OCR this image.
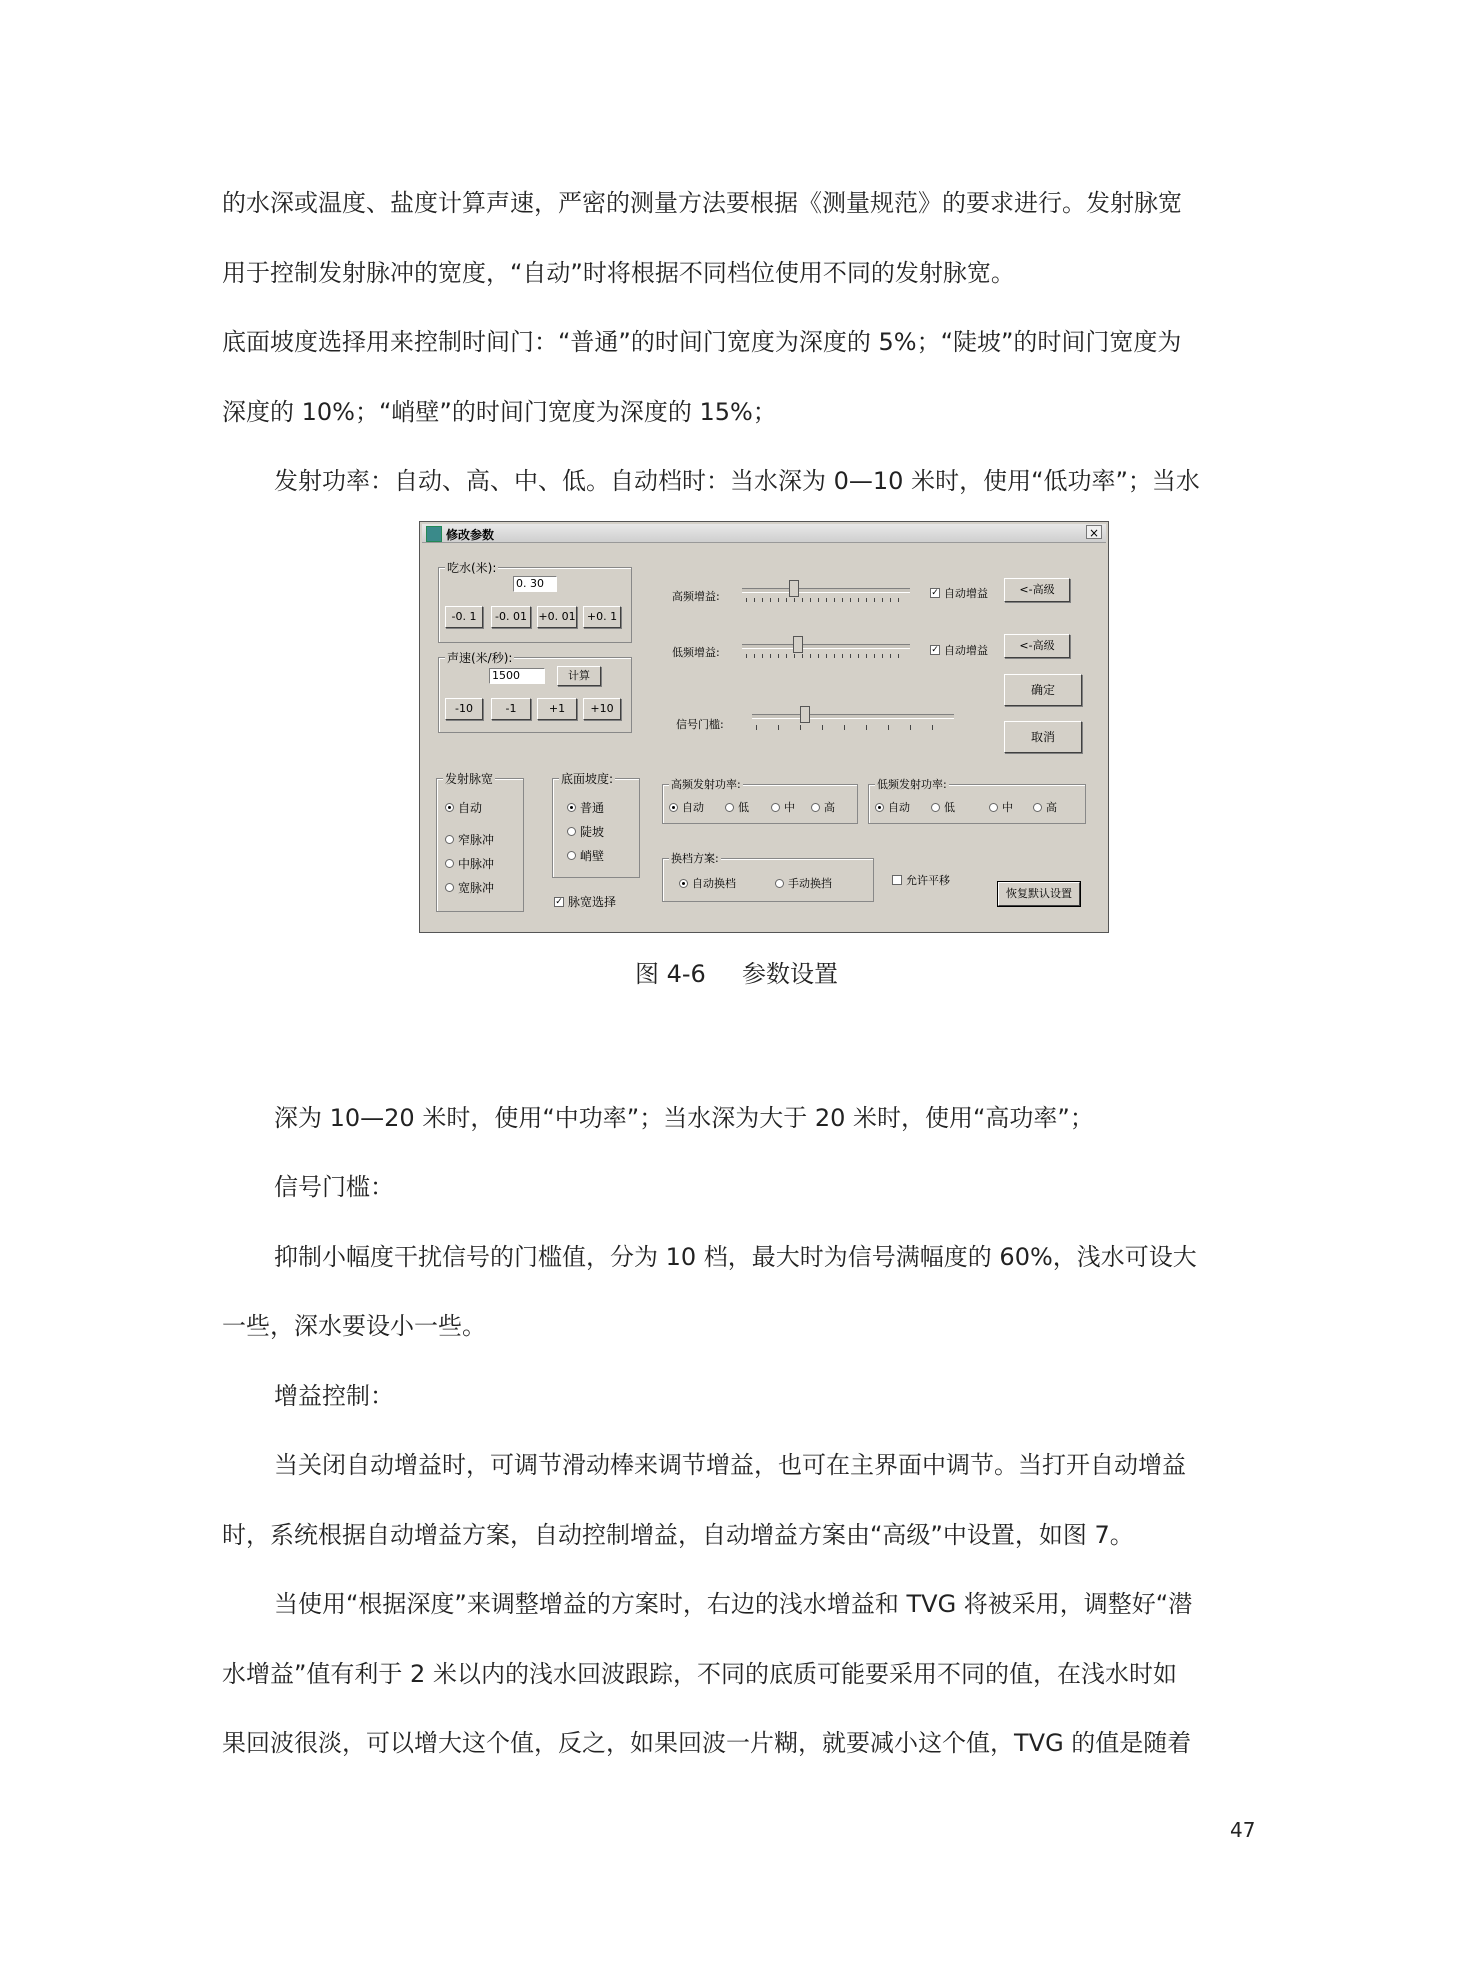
的水深或温度、盐度计算声速，严密的测量方法要根据《测量规范》的要求进行。发射脉宽
用于控制发射脉冲的宽度，“自动”时将根据不同档位使用不同的发射脉宽。
底面坡度选择用来控制时间门：“普通”的时间门宽度为深度的 5%；“陡坡”的时间门宽度为
深度的 10%；“峭壁”的时间门宽度为深度的 15%；
发射功率：自动、高、中、低。自动档时：当水深为 0—10 米时，使用“低功率”；当水
修改参数	×
吃水(米):
0. 30
-0. 1	-0. 01	+0. 01	+0. 1
声速(米/秒):
1500	计算
-10	-1	+1	+10
高频增益:	✓ 自动增益	<-高级
低频增益:	✓ 自动增益	<-高级
确定
取消
信号门槛:
发射脉宽
自动
窄脉冲
中脉冲
宽脉冲
底面坡度:
普通
陡坡
峭壁
✓ 脉宽选择
高频发射功率:
自动	低	中	高
低频发射功率:
自动	低	中	高
换档方案:
自动换档	手动换挡	允许平移
恢复默认设置
图 4-6 参数设置
深为 10—20 米时，使用“中功率”；当水深为大于 20 米时，使用“高功率”；
信号门槛：
抑制小幅度干扰信号的门槛值，分为 10 档，最大时为信号满幅度的 60%，浅水可设大
一些，深水要设小一些。
增益控制：
当关闭自动增益时，可调节滑动棒来调节增益，也可在主界面中调节。当打开自动增益
时，系统根据自动增益方案，自动控制增益，自动增益方案由“高级”中设置，如图 7。
当使用“根据深度”来调整增益的方案时，右边的浅水增益和 TVG 将被采用，调整好“潜
水增益”值有利于 2 米以内的浅水回波跟踪，不同的底质可能要采用不同的值，在浅水时如
果回波很淡，可以增大这个值，反之，如果回波一片糊，就要减小这个值，TVG 的值是随着
47
